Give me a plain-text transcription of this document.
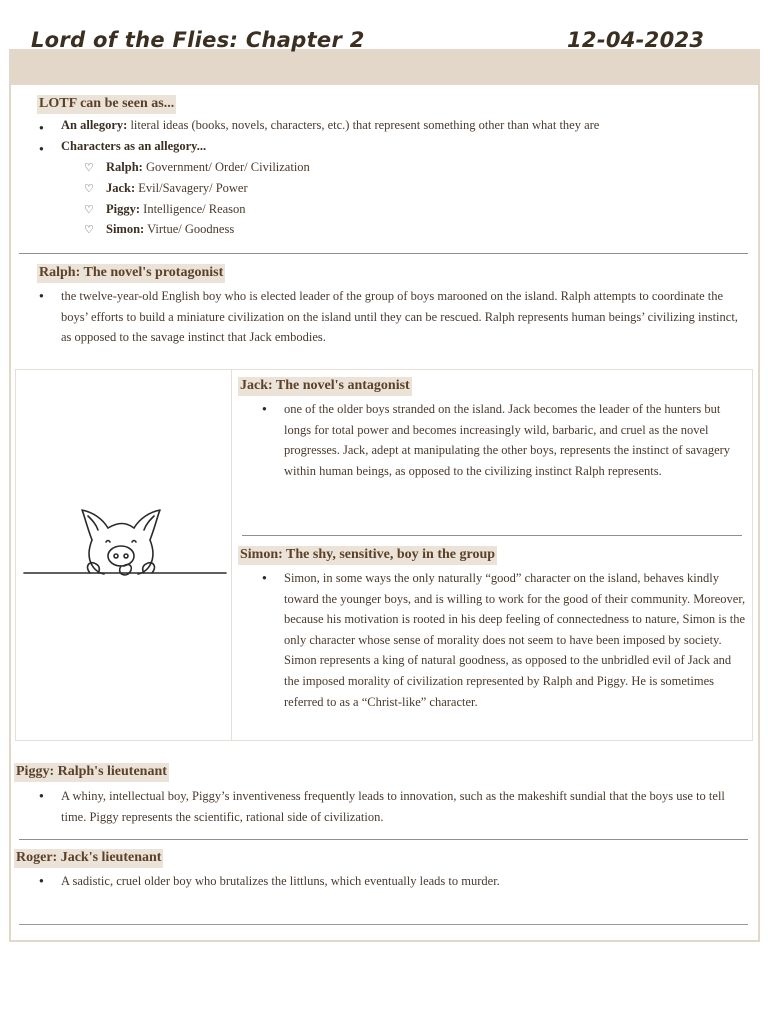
Lord of the Flies: Chapter 2	12-04-2023
LOTF can be seen as...
● An allegory: literal ideas (books, novels, characters, etc.) that represent something other than what they are
● Characters as an allegory...
♡ Ralph: Government/ Order/ Civilization
♡ Jack: Evil/Savagery/ Power
♡ Piggy: Intelligence/ Reason
♡ Simon: Virtue/ Goodness
Ralph: The novel's protagonist
● the twelve-year-old English boy who is elected leader of the group of boys marooned on the island. Ralph attempts to coordinate the boys’ efforts to build a miniature civilization on the island until they can be rescued. Ralph represents human beings’ civilizing instinct, as opposed to the savage instinct that Jack embodies.
Jack: The novel's antagonist
● one of the older boys stranded on the island. Jack becomes the leader of the hunters but longs for total power and becomes increasingly wild, barbaric, and cruel as the novel progresses. Jack, adept at manipulating the other boys, represents the instinct of savagery within human beings, as opposed to the civilizing instinct Ralph represents.
Simon: The shy, sensitive, boy in the group
● Simon, in some ways the only naturally “good” character on the island, behaves kindly toward the younger boys, and is willing to work for the good of their community. Moreover, because his motivation is rooted in his deep feeling of connectedness to nature, Simon is the only character whose sense of morality does not seem to have been imposed by society. Simon represents a king of natural goodness, as opposed to the unbridled evil of Jack and the imposed morality of civilization represented by Ralph and Piggy. He is sometimes referred to as a “Christ-like” character.
Piggy: Ralph's lieutenant
● A whiny, intellectual boy, Piggy’s inventiveness frequently leads to innovation, such as the makeshift sundial that the boys use to tell time. Piggy represents the scientific, rational side of civilization.
Roger: Jack's lieutenant
● A sadistic, cruel older boy who brutalizes the littluns, which eventually leads to murder.
